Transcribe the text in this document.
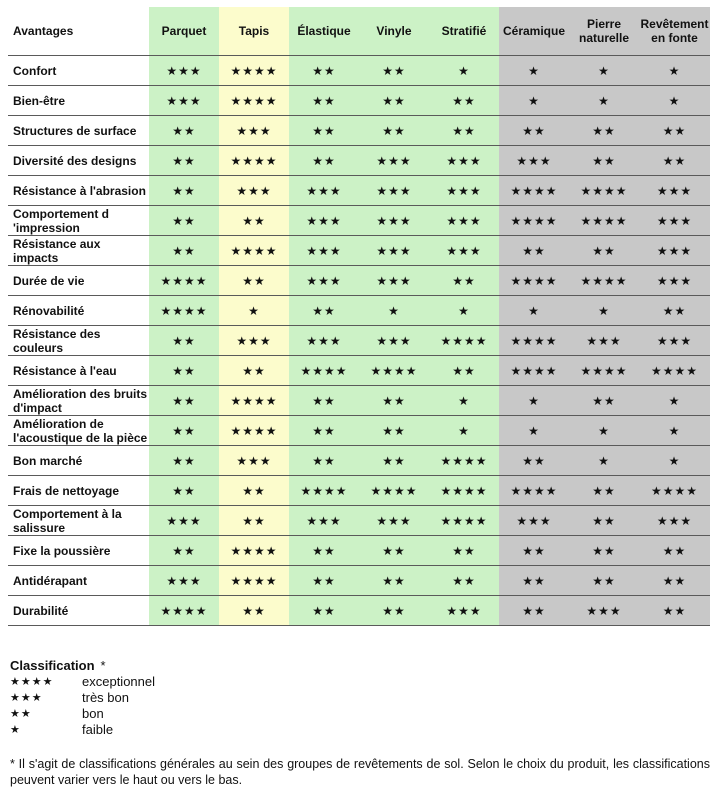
Avantages	Parquet	Tapis	Élastique	Vinyle	Stratifié	Céramique	Pierre naturelle	Revêtement en fonte
Confort	★★★	★★★★	★★	★★	★	★	★	★
Bien-être	★★★	★★★★	★★	★★	★★	★	★	★
Structures de surface	★★	★★★	★★	★★	★★	★★	★★	★★
Diversité des designs	★★	★★★★	★★	★★★	★★★	★★★	★★	★★
Résistance à l'abrasion	★★	★★★	★★★	★★★	★★★	★★★★	★★★★	★★★
Comportement d 'impression	★★	★★	★★★	★★★	★★★	★★★★	★★★★	★★★
Résistance aux impacts	★★	★★★★	★★★	★★★	★★★	★★	★★	★★★
Durée de vie	★★★★	★★	★★★	★★★	★★	★★★★	★★★★	★★★
Rénovabilité	★★★★	★	★★	★	★	★	★	★★
Résistance des couleurs	★★	★★★	★★★	★★★	★★★★	★★★★	★★★	★★★
Résistance à l'eau	★★	★★	★★★★	★★★★	★★	★★★★	★★★★	★★★★
Amélioration des bruits d'impact	★★	★★★★	★★	★★	★	★	★★	★
Amélioration de l'acoustique de la pièce	★★	★★★★	★★	★★	★	★	★	★
Bon marché	★★	★★★	★★	★★	★★★★	★★	★	★
Frais de nettoyage	★★	★★	★★★★	★★★★	★★★★	★★★★	★★	★★★★
Comportement à la salissure	★★★	★★	★★★	★★★	★★★★	★★★	★★	★★★
Fixe la poussière	★★	★★★★	★★	★★	★★	★★	★★	★★
Antidérapant	★★★	★★★★	★★	★★	★★	★★	★★	★★
Durabilité	★★★★	★★	★★	★★	★★★	★★	★★★	★★
Classification *
★★★★	exceptionnel
★★★	très bon
★★	bon
★	faible
* Il s'agit de classifications générales au sein des groupes de revêtements de sol. Selon le choix du produit, les classifications peuvent varier vers le haut ou vers le bas.
